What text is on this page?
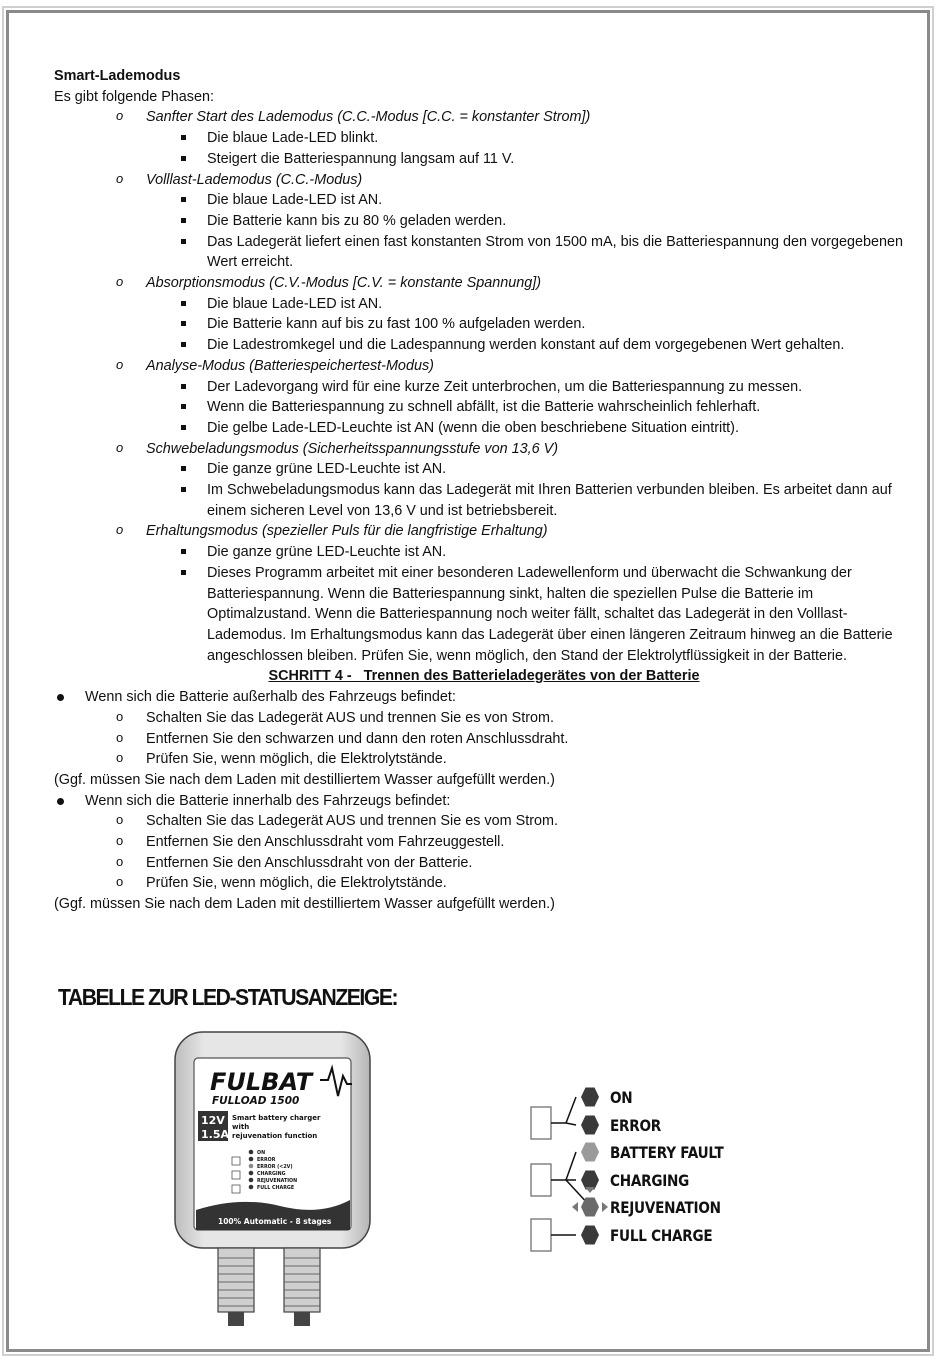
Smart-Lademodus
Es gibt folgende Phasen:
o Sanfter Start des Lademodus (C.C.-Modus [C.C. = konstanter Strom])
Die blaue Lade-LED blinkt.
Steigert die Batteriespannung langsam auf 11 V.
o Volllast-Lademodus (C.C.-Modus)
Die blaue Lade-LED ist AN.
Die Batterie kann bis zu 80 % geladen werden.
Das Ladegerät liefert einen fast konstanten Strom von 1500 mA, bis die Batteriespannung den vorgegebenen Wert erreicht.
o Absorptionsmodus (C.V.-Modus [C.V. = konstante Spannung])
Die blaue Lade-LED ist AN.
Die Batterie kann auf bis zu fast 100 % aufgeladen werden.
Die Ladestromkegel und die Ladespannung werden konstant auf dem vorgegebenen Wert gehalten.
o Analyse-Modus (Batteriespeichertest-Modus)
Der Ladevorgang wird für eine kurze Zeit unterbrochen, um die Batteriespannung zu messen.
Wenn die Batteriespannung zu schnell abfällt, ist die Batterie wahrscheinlich fehlerhaft.
Die gelbe Lade-LED-Leuchte ist AN (wenn die oben beschriebene Situation eintritt).
o Schwebeladungsmodus (Sicherheitsspannungsstufe von 13,6 V)
Die ganze grüne LED-Leuchte ist AN.
Im Schwebeladungsmodus kann das Ladegerät mit Ihren Batterien verbunden bleiben. Es arbeitet dann auf einem sicheren Level von 13,6 V und ist betriebsbereit.
o Erhaltungsmodus (spezieller Puls für die langfristige Erhaltung)
Die ganze grüne LED-Leuchte ist AN.
Dieses Programm arbeitet mit einer besonderen Ladewellenform und überwacht die Schwankung der Batteriespannung. Wenn die Batteriespannung sinkt, halten die speziellen Pulse die Batterie im Optimalzustand. Wenn die Batteriespannung noch weiter fällt, schaltet das Ladegerät in den Volllast-Lademodus. Im Erhaltungsmodus kann das Ladegerät über einen längeren Zeitraum hinweg an die Batterie angeschlossen bleiben. Prüfen Sie, wenn möglich, den Stand der Elektrolytflüssigkeit in der Batterie.
SCHRITT 4 -_ Trennen des Batterieladegerätes von der Batterie
Wenn sich die Batterie außerhalb des Fahrzeugs befindet:
o Schalten Sie das Ladegerät AUS und trennen Sie es von Strom.
o Entfernen Sie den schwarzen und dann den roten Anschlussdraht.
o Prüfen Sie, wenn möglich, die Elektrolytstände.
(Ggf. müssen Sie nach dem Laden mit destilliertem Wasser aufgefüllt werden.)
Wenn sich die Batterie innerhalb des Fahrzeugs befindet:
o Schalten Sie das Ladegerät AUS und trennen Sie es vom Strom.
o Entfernen Sie den Anschlussdraht vom Fahrzeuggestell.
o Entfernen Sie den Anschlussdraht von der Batterie.
o Prüfen Sie, wenn möglich, die Elektrolytstände.
(Ggf. müssen Sie nach dem Laden mit destilliertem Wasser aufgefüllt werden.)
TABELLE ZUR LED-STATUSANZEIGE:
FULBAT
FULLOAD 1500
12V
1.5A
Smart battery charger
with
rejuvenation function
ON
ERROR
ERROR (<2V)
CHARGING
REJUVENATION
FULL CHARGE
100% Automatic - 8 stages
ON
ERROR
BATTERY FAULT
CHARGING
REJUVENATION
FULL CHARGE
